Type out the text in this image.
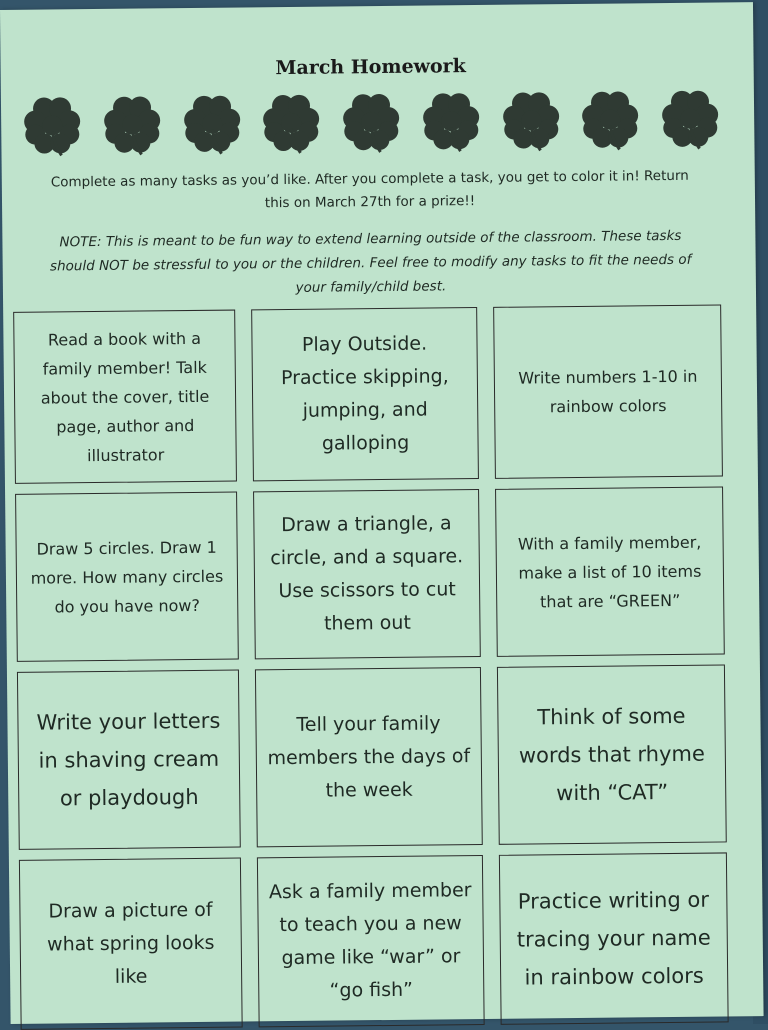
March Homework
Complete as many tasks as you’d like. After you complete a task, you get to color it in! Return
this on March 27th for a prize!!
NOTE: This is meant to be fun way to extend learning outside of the classroom. These tasks
should NOT be stressful to you or the children. Feel free to modify any tasks to fit the needs of
your family/child best.
Read a book with a family member! Talk about the cover, title page, author and illustrator
Play Outside. Practice skipping, jumping, and galloping
Write numbers 1-10 in rainbow colors
Draw 5 circles. Draw 1 more. How many circles do you have now?
Draw a triangle, a circle, and a square. Use scissors to cut them out
With a family member, make a list of 10 items that are “GREEN”
Write your letters in shaving cream or playdough
Tell your family members the days of the week
Think of some words that rhyme with “CAT”
Draw a picture of what spring looks like
Ask a family member to teach you a new game like “war” or “go fish”
Practice writing or tracing your name in rainbow colors
